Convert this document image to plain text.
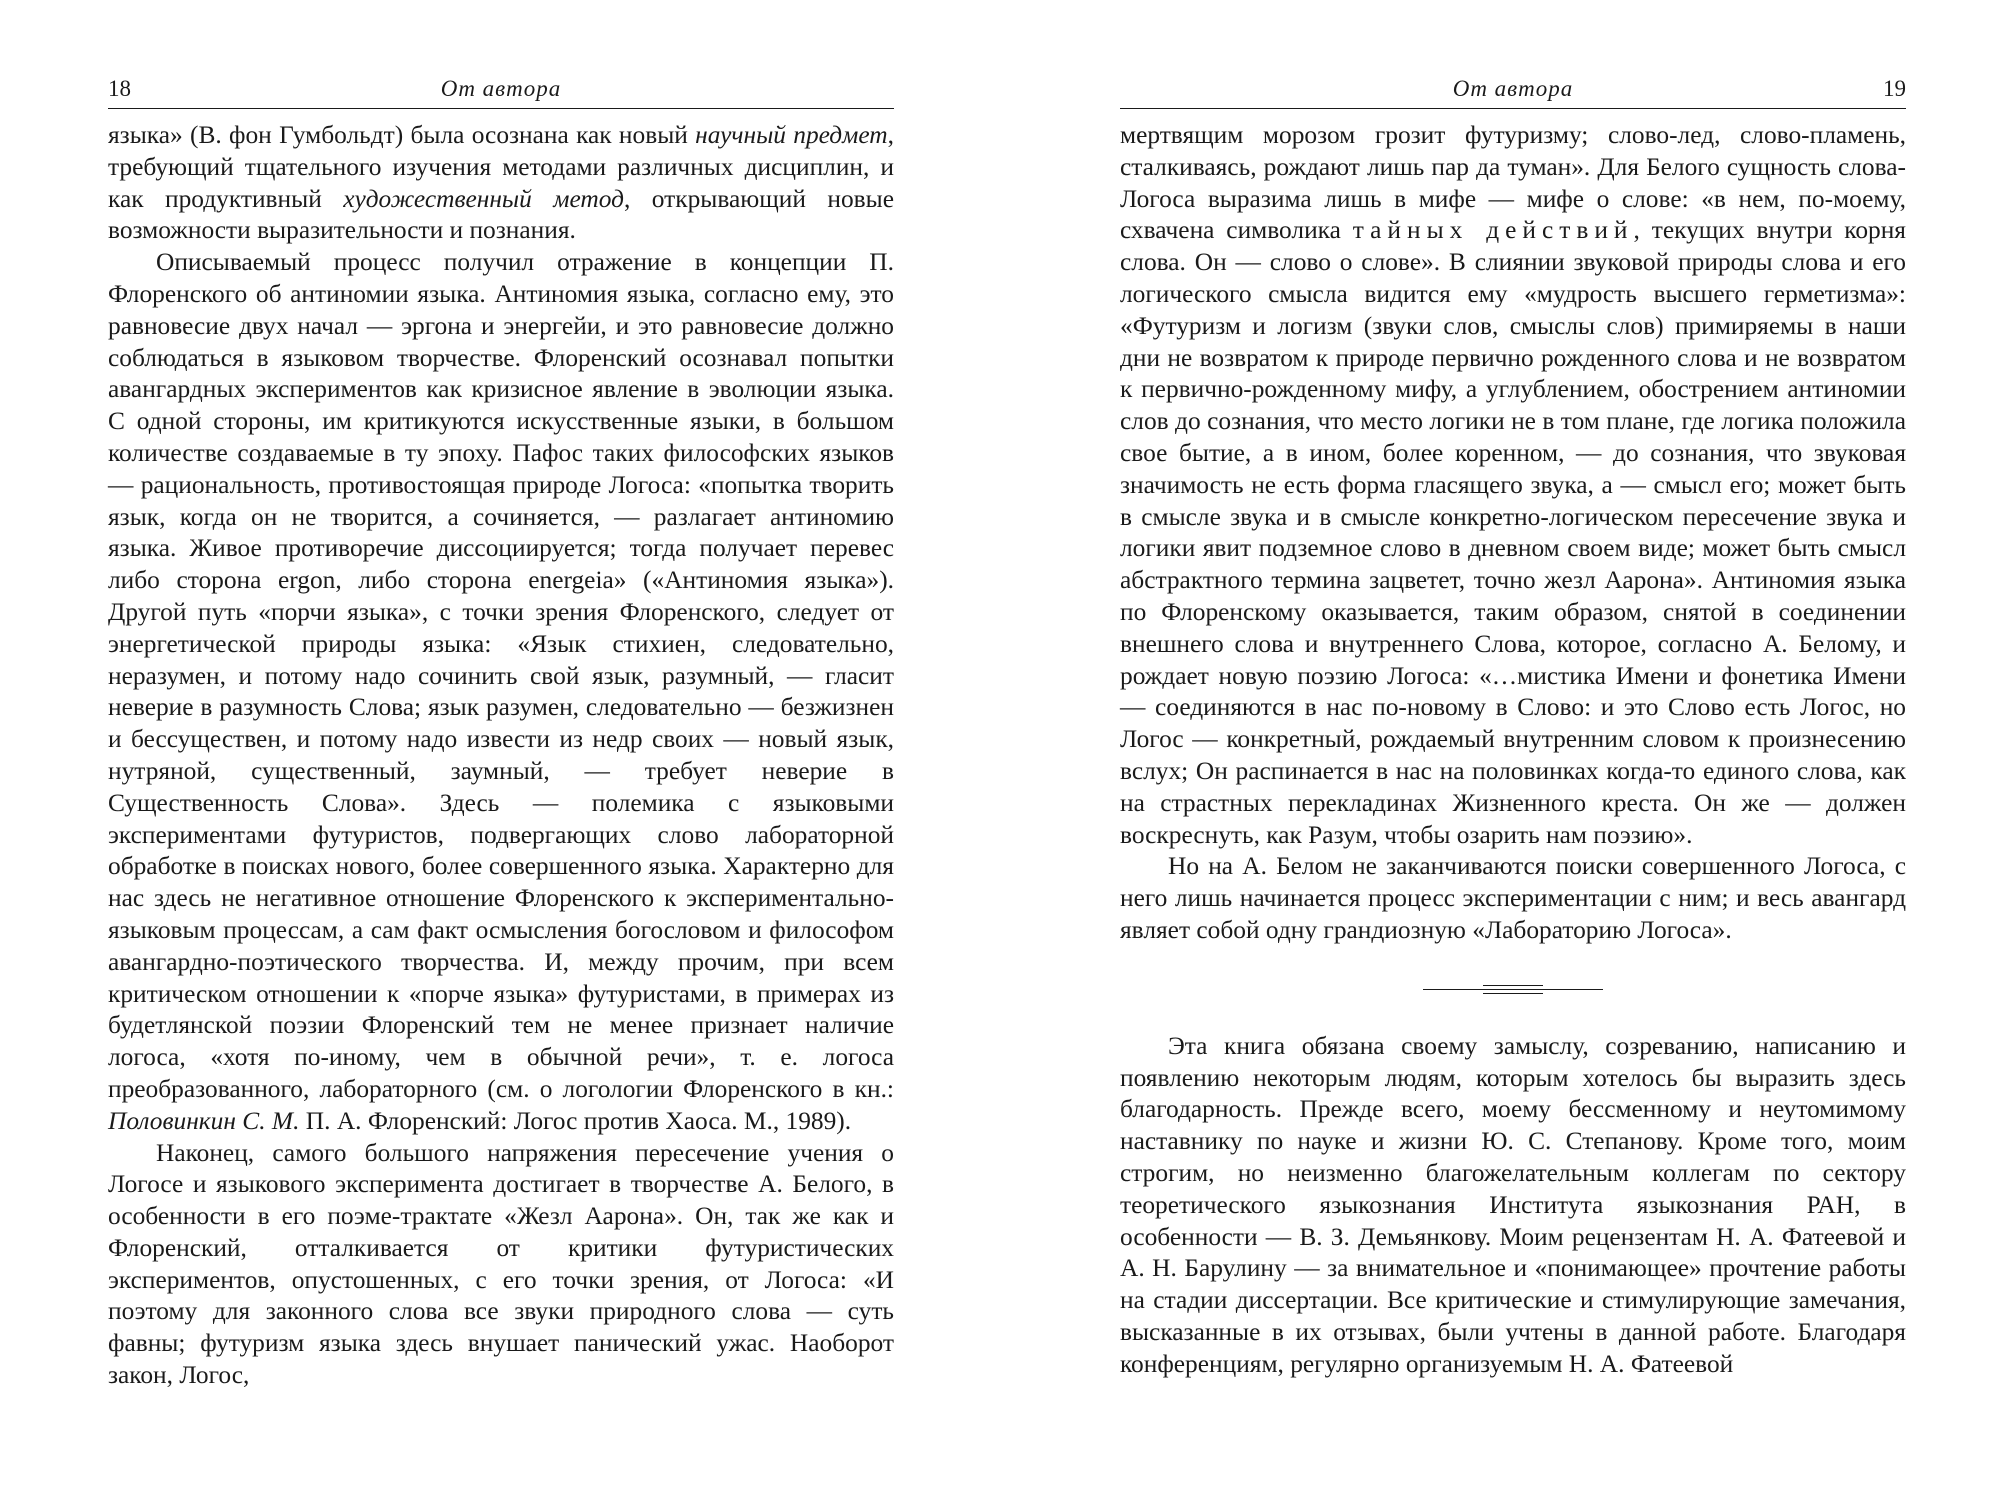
18	От автора

языка» (В. фон Гумбольдт) была осознана как новый научный предмет, требующий тщательного изучения методами различных дисциплин, и как продуктивный художественный метод, открывающий новые возможности выразительности и познания.

Описываемый процесс получил отражение в концепции П. Флоренского об антиномии языка. Антиномия языка, согласно ему, это равновесие двух начал — эргона и энергейи, и это равновесие должно соблюдаться в языковом творчестве. Флоренский осознавал попытки авангардных экспериментов как кризисное явление в эволюции языка. С одной стороны, им критикуются искусственные языки, в большом количестве создаваемые в ту эпоху. Пафос таких философских языков — рациональность, противостоящая природе Логоса: «попытка творить язык, когда он не творится, а сочиняется, — разлагает антиномию языка. Живое противоречие диссоциируется; тогда получает перевес либо сторона ergon, либо сторона energeia» («Антиномия языка»). Другой путь «порчи языка», с точки зрения Флоренского, следует от энергетической природы языка: «Язык стихиен, следовательно, неразумен, и потому надо сочинить свой язык, разумный, — гласит неверие в разумность Слова; язык разумен, следовательно — безжизнен и бессуществен, и потому надо извести из недр своих — новый язык, нутряной, существенный, заумный, — требует неверие в Существенность Слова». Здесь — полемика с языковыми экспериментами футуристов, подвергающих слово лабораторной обработке в поисках нового, более совершенного языка. Характерно для нас здесь не негативное отношение Флоренского к экспериментально-языковым процессам, а сам факт осмысления богословом и философом авангардно-поэтического творчества. И, между прочим, при всем критическом отношении к «порче языка» футуристами, в примерах из будетлянской поэзии Флоренский тем не менее признает наличие логоса, «хотя по-иному, чем в обычной речи», т. е. логоса преобразованного, лабораторного (см. о логологии Флоренского в кн.: Половинкин С. М. П. А. Флоренский: Логос против Хаоса. М., 1989).

Наконец, самого большого напряжения пересечение учения о Логосе и языкового эксперимента достигает в творчестве А. Белого, в особенности в его поэме-трактате «Жезл Аарона». Он, так же как и Флоренский, отталкивается от критики футуристических экспериментов, опустошенных, с его точки зрения, от Логоса: «И поэтому для законного слова все звуки природного слова — суть фавны; футуризм языка здесь внушает панический ужас. Наоборот закон, Логос,

От автора	19

мертвящим морозом грозит футуризму; слово-лед, слово-пламень, сталкиваясь, рождают лишь пар да туман». Для Белого сущность слова-Логоса выразима лишь в мифе — мифе о слове: «в нем, по-моему, схвачена символика тайных действий, текущих внутри корня слова. Он — слово о слове». В слиянии звуковой природы слова и его логического смысла видится ему «мудрость высшего герметизма»: «Футуризм и логизм (звуки слов, смыслы слов) примиряемы в наши дни не возвратом к природе первично рожденного слова и не возвратом к первично-рожденному мифу, а углублением, обострением антиномии слов до сознания, что место логики не в том плане, где логика положила свое бытие, а в ином, более коренном, — до сознания, что звуковая значимость не есть форма гласящего звука, а — смысл его; может быть в смысле звука и в смысле конкретно-логическом пересечение звука и логики явит подземное слово в дневном своем виде; может быть смысл абстрактного термина зацветет, точно жезл Аарона». Антиномия языка по Флоренскому оказывается, таким образом, снятой в соединении внешнего слова и внутреннего Слова, которое, согласно А. Белому, и рождает новую поэзию Логоса: «…мистика Имени и фонетика Имени — соединяются в нас по-новому в Слово: и это Слово есть Логос, но Логос — конкретный, рождаемый внутренним словом к произнесению вслух; Он распинается в нас на половинках когда-то единого слова, как на страстных перекладинах Жизненного креста. Он же — должен воскреснуть, как Разум, чтобы озарить нам поэзию».

Но на А. Белом не заканчиваются поиски совершенного Логоса, с него лишь начинается процесс экспериментации с ним; и весь авангард являет собой одну грандиозную «Лабораторию Логоса».

Эта книга обязана своему замыслу, созреванию, написанию и появлению некоторым людям, которым хотелось бы выразить здесь благодарность. Прежде всего, моему бессменному и неутомимому наставнику по науке и жизни Ю. С. Степанову. Кроме того, моим строгим, но неизменно благожелательным коллегам по сектору теоретического языкознания Института языкознания РАН, в особенности — В. З. Демьянкову. Моим рецензентам Н. А. Фатеевой и А. Н. Барулину — за внимательное и «понимающее» прочтение работы на стадии диссертации. Все критические и стимулирующие замечания, высказанные в их отзывах, были учтены в данной работе. Благодаря конференциям, регулярно организуемым Н. А. Фатеевой
